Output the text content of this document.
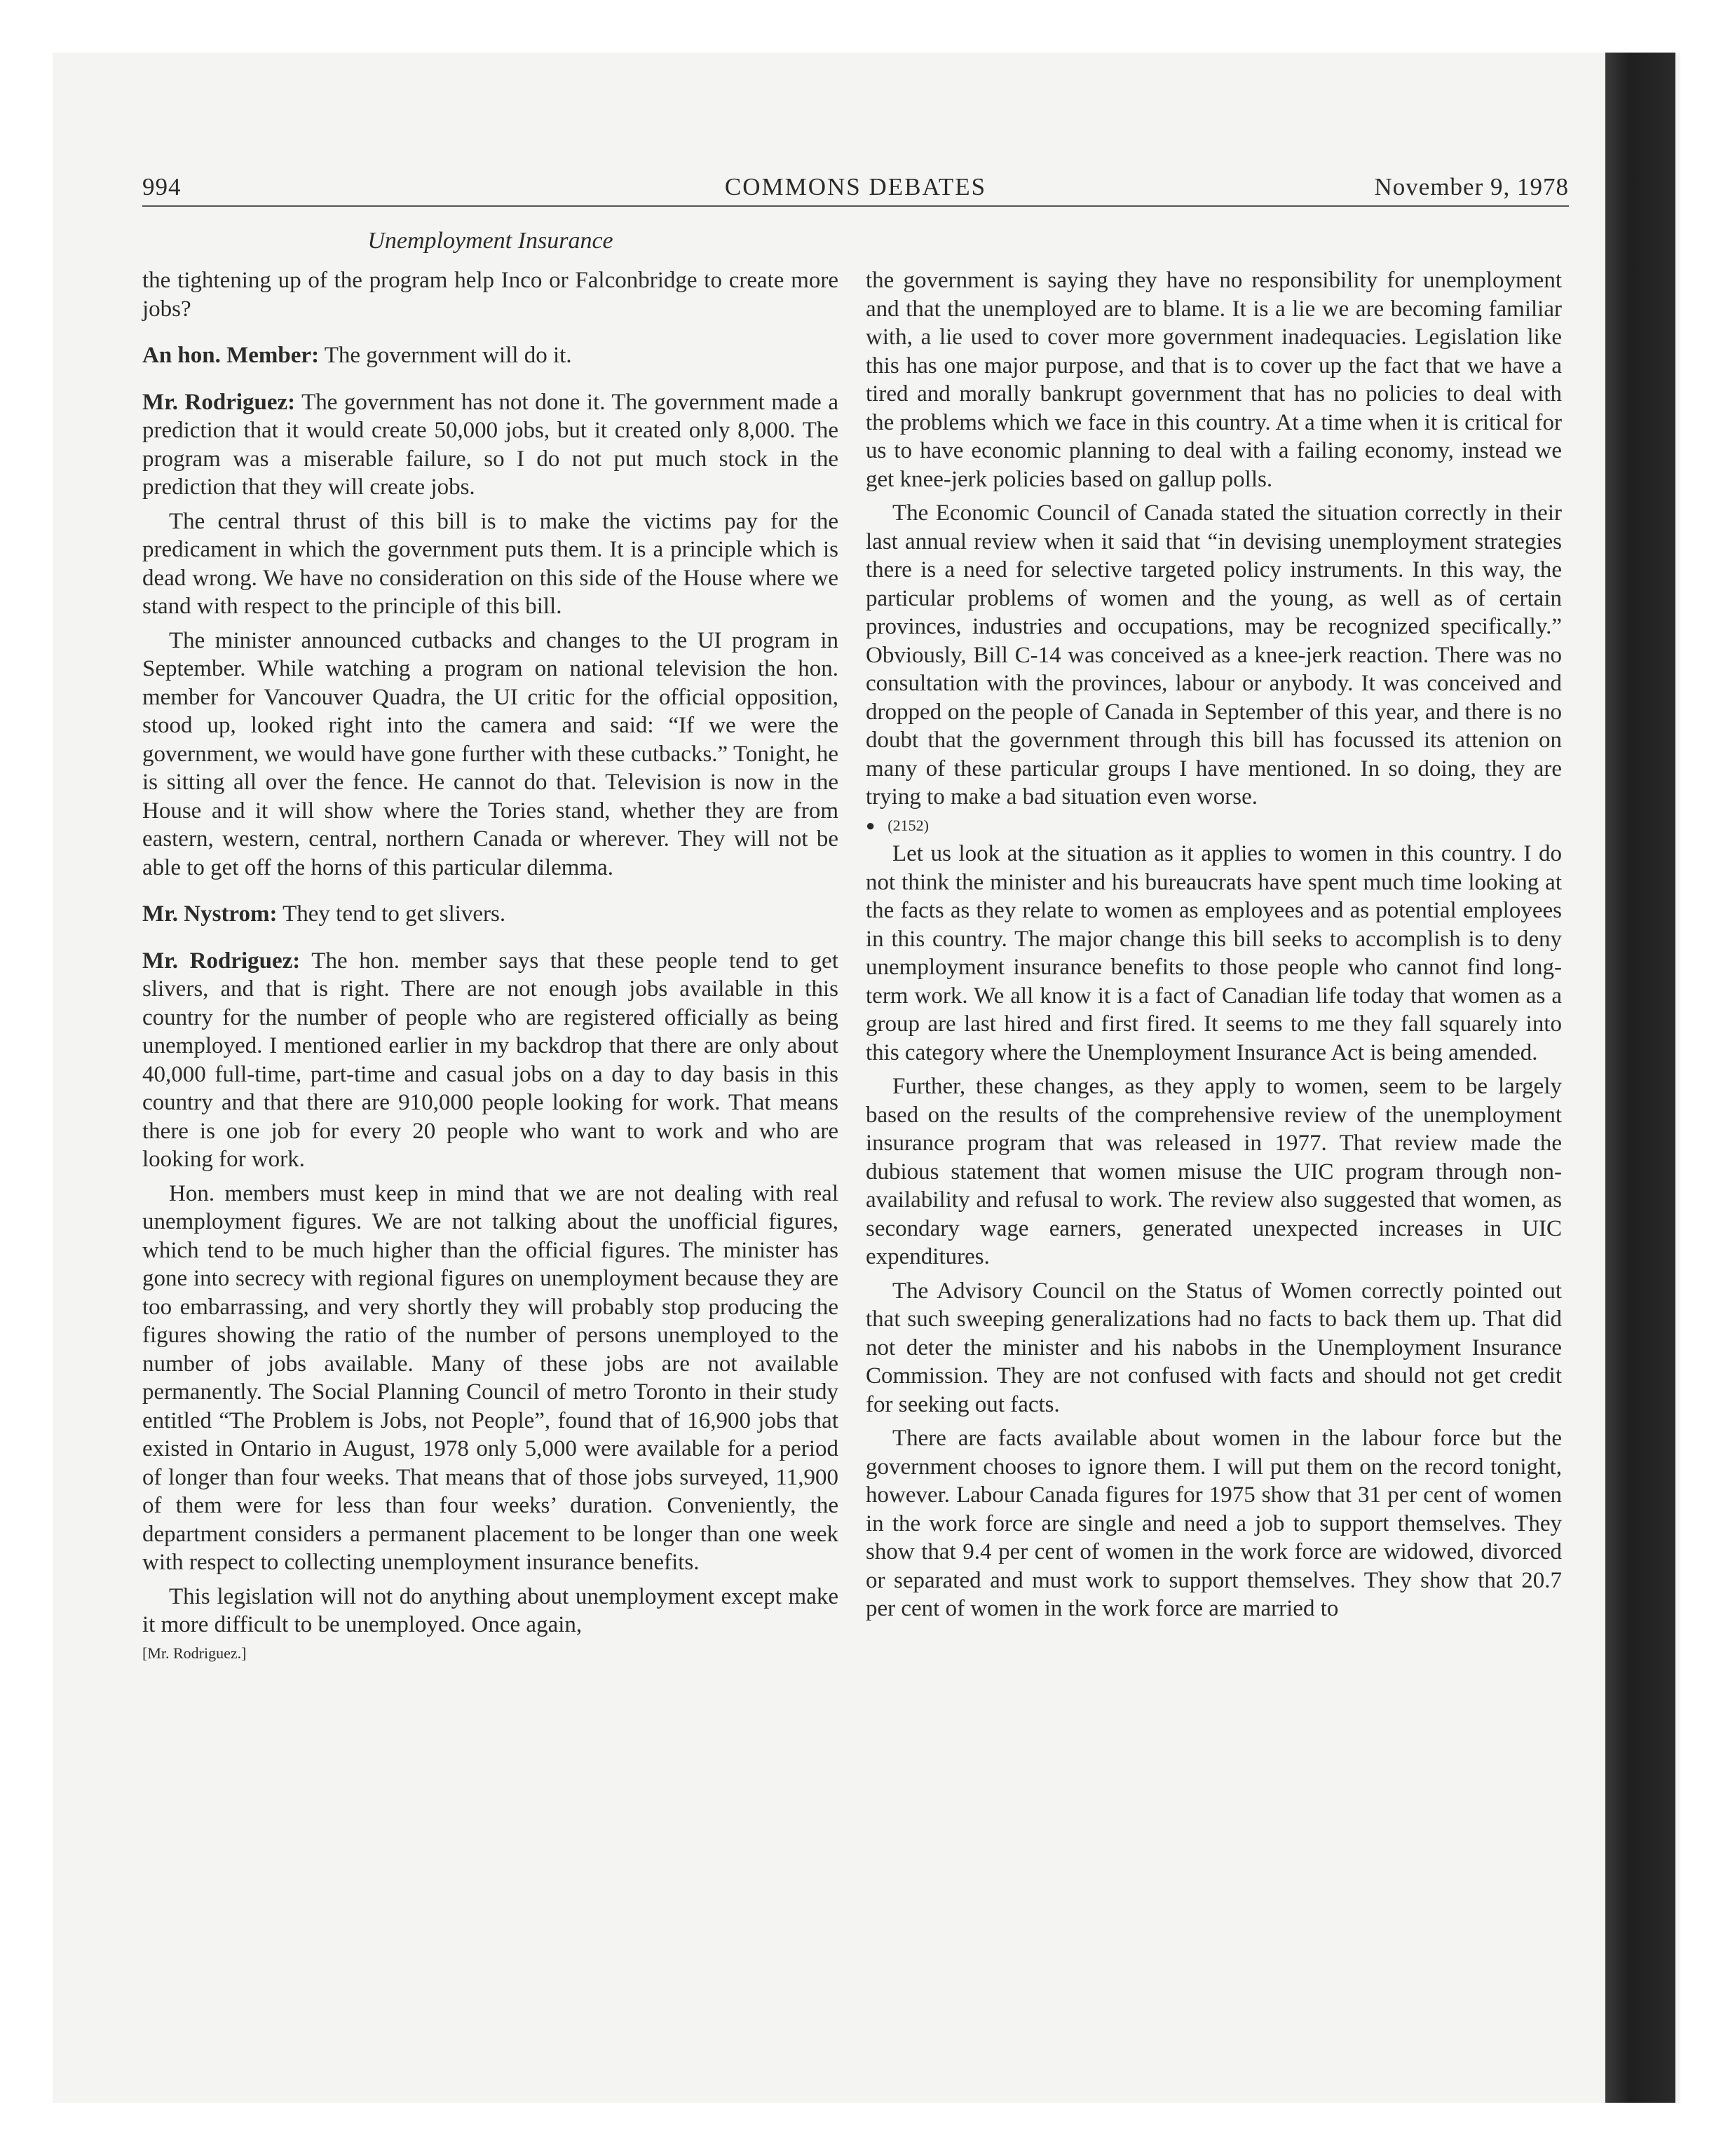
994	COMMONS DEBATES	November 9, 1978
Unemployment Insurance

the tightening up of the program help Inco or Falconbridge to create more jobs?

An hon. Member: The government will do it.

Mr. Rodriguez: The government has not done it. The government made a prediction that it would create 50,000 jobs, but it created only 8,000. The program was a miserable failure, so I do not put much stock in the prediction that they will create jobs.

The central thrust of this bill is to make the victims pay for the predicament in which the government puts them. It is a principle which is dead wrong. We have no consideration on this side of the House where we stand with respect to the principle of this bill.

The minister announced cutbacks and changes to the UI program in September. While watching a program on national television the hon. member for Vancouver Quadra, the UI critic for the official opposition, stood up, looked right into the camera and said: “If we were the government, we would have gone further with these cutbacks.” Tonight, he is sitting all over the fence. He cannot do that. Television is now in the House and it will show where the Tories stand, whether they are from eastern, western, central, northern Canada or wherever. They will not be able to get off the horns of this particular dilemma.

Mr. Nystrom: They tend to get slivers.

Mr. Rodriguez: The hon. member says that these people tend to get slivers, and that is right. There are not enough jobs available in this country for the number of people who are registered officially as being unemployed. I mentioned earlier in my backdrop that there are only about 40,000 full-time, part-time and casual jobs on a day to day basis in this country and that there are 910,000 people looking for work. That means there is one job for every 20 people who want to work and who are looking for work.

Hon. members must keep in mind that we are not dealing with real unemployment figures. We are not talking about the unofficial figures, which tend to be much higher than the official figures. The minister has gone into secrecy with regional figures on unemployment because they are too embarrassing, and very shortly they will probably stop producing the figures showing the ratio of the number of persons unemployed to the number of jobs available. Many of these jobs are not available permanently. The Social Planning Council of metro Toronto in their study entitled “The Problem is Jobs, not People”, found that of 16,900 jobs that existed in Ontario in August, 1978 only 5,000 were available for a period of longer than four weeks. That means that of those jobs surveyed, 11,900 of them were for less than four weeks’ duration. Conveniently, the department considers a permanent placement to be longer than one week with respect to collecting unemployment insurance benefits.

This legislation will not do anything about unemployment except make it more difficult to be unemployed. Once again,

[Mr. Rodriguez.]

the government is saying they have no responsibility for unemployment and that the unemployed are to blame. It is a lie we are becoming familiar with, a lie used to cover more government inadequacies. Legislation like this has one major purpose, and that is to cover up the fact that we have a tired and morally bankrupt government that has no policies to deal with the problems which we face in this country. At a time when it is critical for us to have economic planning to deal with a failing economy, instead we get knee-jerk policies based on gallup polls.

The Economic Council of Canada stated the situation correctly in their last annual review when it said that “in devising unemployment strategies there is a need for selective targeted policy instruments. In this way, the particular problems of women and the young, as well as of certain provinces, industries and occupations, may be recognized specifically.” Obviously, Bill C-14 was conceived as a knee-jerk reaction. There was no consultation with the provinces, labour or anybody. It was conceived and dropped on the people of Canada in September of this year, and there is no doubt that the government through this bill has focussed its attenion on many of these particular groups I have mentioned. In so doing, they are trying to make a bad situation even worse.

● (2152)

Let us look at the situation as it applies to women in this country. I do not think the minister and his bureaucrats have spent much time looking at the facts as they relate to women as employees and as potential employees in this country. The major change this bill seeks to accomplish is to deny unemployment insurance benefits to those people who cannot find long-term work. We all know it is a fact of Canadian life today that women as a group are last hired and first fired. It seems to me they fall squarely into this category where the Unemployment Insurance Act is being amended.

Further, these changes, as they apply to women, seem to be largely based on the results of the comprehensive review of the unemployment insurance program that was released in 1977. That review made the dubious statement that women misuse the UIC program through non-availability and refusal to work. The review also suggested that women, as secondary wage earners, generated unexpected increases in UIC expenditures.

The Advisory Council on the Status of Women correctly pointed out that such sweeping generalizations had no facts to back them up. That did not deter the minister and his nabobs in the Unemployment Insurance Commission. They are not confused with facts and should not get credit for seeking out facts.

There are facts available about women in the labour force but the government chooses to ignore them. I will put them on the record tonight, however. Labour Canada figures for 1975 show that 31 per cent of women in the work force are single and need a job to support themselves. They show that 9.4 per cent of women in the work force are widowed, divorced or separated and must work to support themselves. They show that 20.7 per cent of women in the work force are married to
